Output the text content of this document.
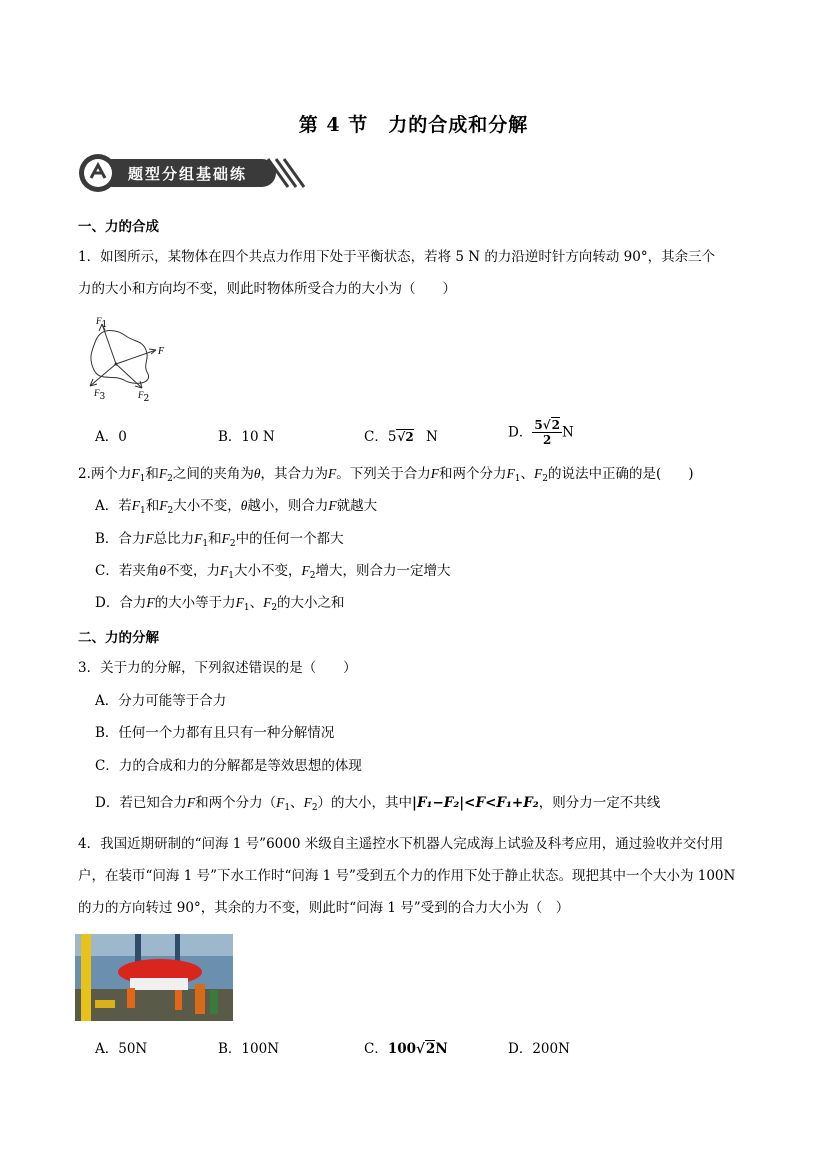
第 4 节　力的合成和分解
题型分组基础练
一、力的合成
1．如图所示，某物体在四个共点力作用下处于平衡状态，若将 5 N 的力沿逆时针方向转动 90°，其余三个
力的大小和方向均不变，则此时物体所受合力的大小为（　　）
$F_1$
F
$F_3$	$F_2$
A．0	B．10 N	C．5√2 N	D． $\frac{5√2}{2}$ N
2.两个力$F_1$和$F_2$之间的夹角为θ，其合力为F。下列关于合力F和两个分力$F_1$、$F_2$的说法中正确的是(　　)
A．若$F_1$和$F_2$大小不变，θ越小，则合力F就越大
B．合力F总比力$F_1$和$F_2$中的任何一个都大
C．若夹角θ不变，力$F_1$大小不变，$F_2$增大，则合力一定增大
D．合力F的大小等于力$F_1$、$F_2$的大小之和
二、力的分解
3．关于力的分解，下列叙述错误的是（　　）
A．分力可能等于合力
B．任何一个力都有且只有一种分解情况
C．力的合成和力的分解都是等效思想的体现
D．若已知合力F和两个分力（$F_1$、$F_2$）的大小，其中|F₁−F₂|<F<F₁+F₂，则分力一定不共线
4．我国近期研制的“问海 1 号”6000 米级自主遥控水下机器人完成海上试验及科考应用，通过验收并交付用
户，在装帀“问海 1 号”下水工作时“问海 1 号”受到五个力的作用下处于静止状态。现把其中一个大小为 100N
的力的方向转过 90°，其余的力不变，则此时“问海 1 号”受到的合力大小为（　）
A．50N	B．100N	C．100√2N	D．200N
